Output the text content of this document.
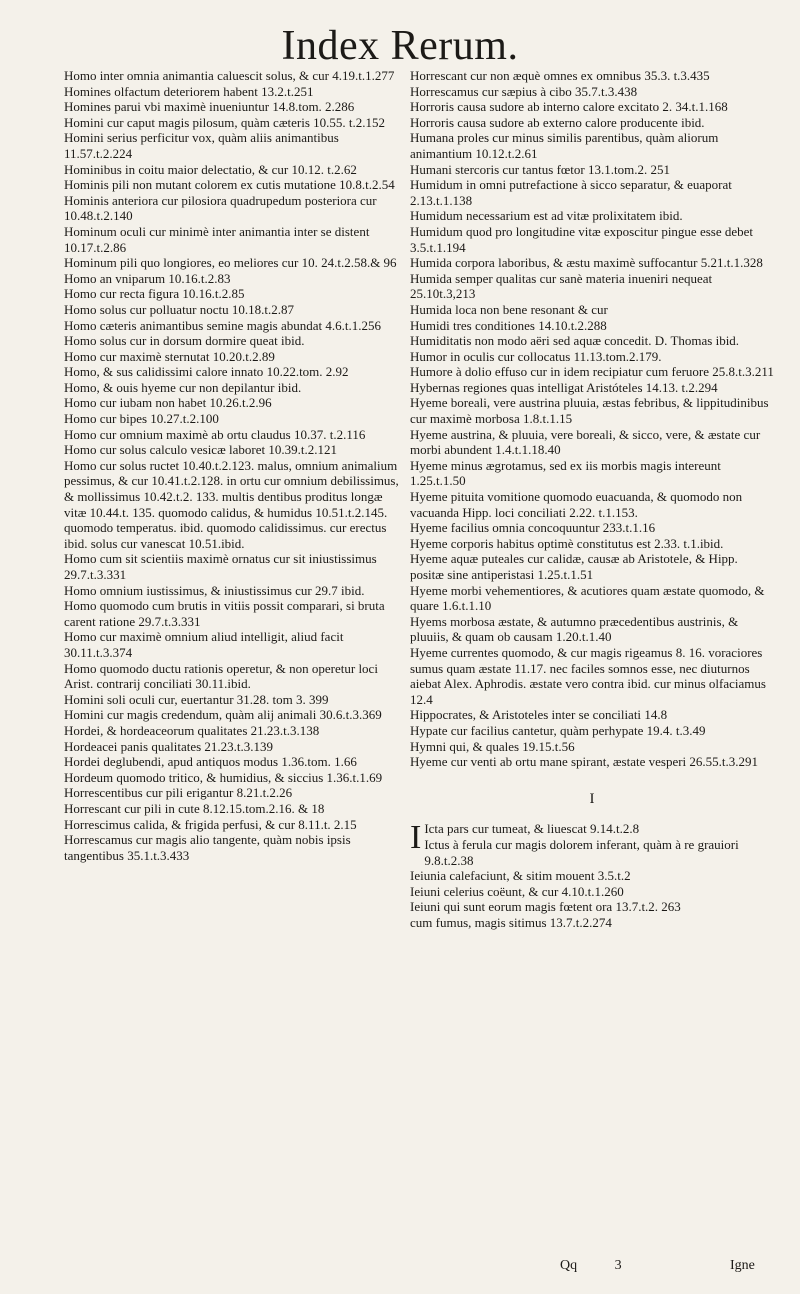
Index Rerum.
Homo inter omnia animantia caluescit solus, & cur 4.19.t.1.277
Homines olfactum deteriorem habent 13.2.t.251
Homines parui vbi maximè inueniuntur 14.8.tom. 2.286
Homini cur caput magis pilosum, quàm cæteris 10.55. t.2.152
Homini serius perficitur vox, quàm aliis animantibus 11.57.t.2.224
Hominibus in coitu maior delectatio, & cur 10.12. t.2.62
Hominis pili non mutant colorem ex cutis mutatione 10.8.t.2.54
Hominis anteriora cur pilosiora quadrupedum posteriora cur 10.48.t.2.140
Hominum oculi cur minimè inter animantia inter se distent 10.17.t.2.86
Hominum pili quo longiores, eo meliores cur 10. 24.t.2.58.& 96
Homo an vniparum 10.16.t.2.83
Homo cur recta figura 10.16.t.2.85
Homo solus cur polluatur noctu 10.18.t.2.87
Homo cæteris animantibus semine magis abundat 4.6.t.1.256
Homo solus cur in dorsum dormire queat ibid.
Homo cur maximè sternutat 10.20.t.2.89
Homo, & sus calidissimi calore innato 10.22.tom. 2.92
Homo, & ouis hyeme cur non depilantur ibid.
Homo cur iubam non habet 10.26.t.2.96
Homo cur bipes 10.27.t.2.100
Homo cur omnium maximè ab ortu claudus 10.37. t.2.116
Homo cur solus calculo vesicæ laboret 10.39.t.2.121
Homo cur solus ructet 10.40.t.2.123. malus, omnium animalium pessimus, & cur 10.41.t.2.128. in ortu cur omnium debilissimus, & mollissimus 10.42.t.2. 133. multis dentibus proditus longæ vitæ 10.44.t. 135. quomodo calidus, & humidus 10.51.t.2.145. quomodo temperatus. ibid. quomodo calidissimus. cur erectus ibid. solus cur vanescat 10.51.ibid.
Homo cum sit scientiis maximè ornatus cur sit iniustissimus 29.7.t.3.331
Homo omnium iustissimus, & iniustissimus cur 29.7 ibid.
Homo quomodo cum brutis in vitiis possit comparari, si bruta carent ratione 29.7.t.3.331
Homo cur maximè omnium aliud intelligit, aliud facit 30.11.t.3.374
Homo quomodo ductu rationis operetur, & non operetur loci Arist. contrarij conciliati 30.11.ibid.
Homini soli oculi cur, euertantur 31.28. tom 3. 399
Homini cur magis credendum, quàm alij animali 30.6.t.3.369
Hordei, & hordeaceorum qualitates 21.23.t.3.138
Hordeacei panis qualitates 21.23.t.3.139
Hordei deglubendi, apud antiquos modus 1.36.tom. 1.66
Hordeum quomodo tritico, & humidius, & siccius 1.36.t.1.69
Horrescentibus cur pili erigantur 8.21.t.2.26
Horrescant cur pili in cute 8.12.15.tom.2.16. & 18
Horrescimus calida, & frigida perfusi, & cur 8.11.t. 2.15
Horrescamus cur magis alio tangente, quàm nobis ipsis tangentibus 35.1.t.3.433
Horrescant cur non æquè omnes ex omnibus 35.3. t.3.435
Horrescamus cur sæpius à cibo 35.7.t.3.438
Horroris causa sudore ab interno calore excitato 2. 34.t.1.168
Horroris causa sudore ab externo calore producente ibid.
Humana proles cur minus similis parentibus, quàm aliorum animantium 10.12.t.2.61
Humani stercoris cur tantus fœtor 13.1.tom.2. 251
Humidum in omni putrefactione à sicco separatur, & euaporat 2.13.t.1.138
Humidum necessarium est ad vitæ prolixitatem ibid.
Humidum quod pro longitudine vitæ exposcitur pingue esse debet 3.5.t.1.194
Humida corpora laboribus, & æstu maximè suffocantur 5.21.t.1.328
Humida semper qualitas cur sanè materia inueniri nequeat 25.10t.3,213
Humida loca non bene resonant & cur
Humidi tres conditiones 14.10.t.2.288
Humiditatis non modo aëri sed aquæ concedit. D. Thomas ibid.
Humor in oculis cur collocatus 11.13.tom.2.179.
Humore à dolio effuso cur in idem recipiatur cum feruore 25.8.t.3.211
Hybernas regiones quas intelligat Aristóteles 14.13. t.2.294
Hyeme boreali, vere austrina pluuia, æstas febribus, & lippitudinibus cur maximè morbosa 1.8.t.1.15
Hyeme austrina, & pluuia, vere boreali, & sicco, vere, & æstate cur morbi abundent 1.4.t.1.18.40
Hyeme minus ægrotamus, sed ex iis morbis magis intereunt 1.25.t.1.50
Hyeme pituita vomitione quomodo euacuanda, & quomodo non vacuanda Hipp. loci conciliati 2.22. t.1.153.
Hyeme facilius omnia concoquuntur 233.t.1.16
Hyeme corporis habitus optimè constitutus est 2.33. t.1.ibid.
Hyeme aquæ puteales cur calidæ, causæ ab Aristotele, & Hipp. positæ sine antiperistasi 1.25.t.1.51
Hyeme morbi vehementiores, & acutiores quam æstate quomodo, & quare 1.6.t.1.10
Hyems morbosa æstate, & autumno præcedentibus austrinis, & pluuiis, & quam ob causam 1.20.t.1.40
Hyeme currentes quomodo, & cur magis rigeamus 8. 16. voraciores sumus quam æstate 11.17. nec faciles somnos esse, nec diuturnos aiebat Alex. Aphrodis. æstate vero contra ibid. cur minus olfaciamus 12.4
Hippocrates, & Aristoteles inter se conciliati 14.8
Hypate cur facilius cantetur, quàm perhypate 19.4. t.3.49
Hymni qui, & quales 19.15.t.56
Hyeme cur venti ab ortu mane spirant, æstate vesperi 26.55.t.3.291
I
I Icta pars cur tumeat, & liuescat 9.14.t.2.8
Ictus à ferula cur magis dolorem inferant, quàm à re grauiori 9.8.t.2.38
Ieiunia calefaciunt, & sitim mouent 3.5.t.2
Ieiuni celerius coëunt, & cur 4.10.t.1.260
Ieiuni qui sunt eorum magis fœtent ora 13.7.t.2. 263
cum fumus, magis sitimus 13.7.t.2.274
Qq	3	Igne
